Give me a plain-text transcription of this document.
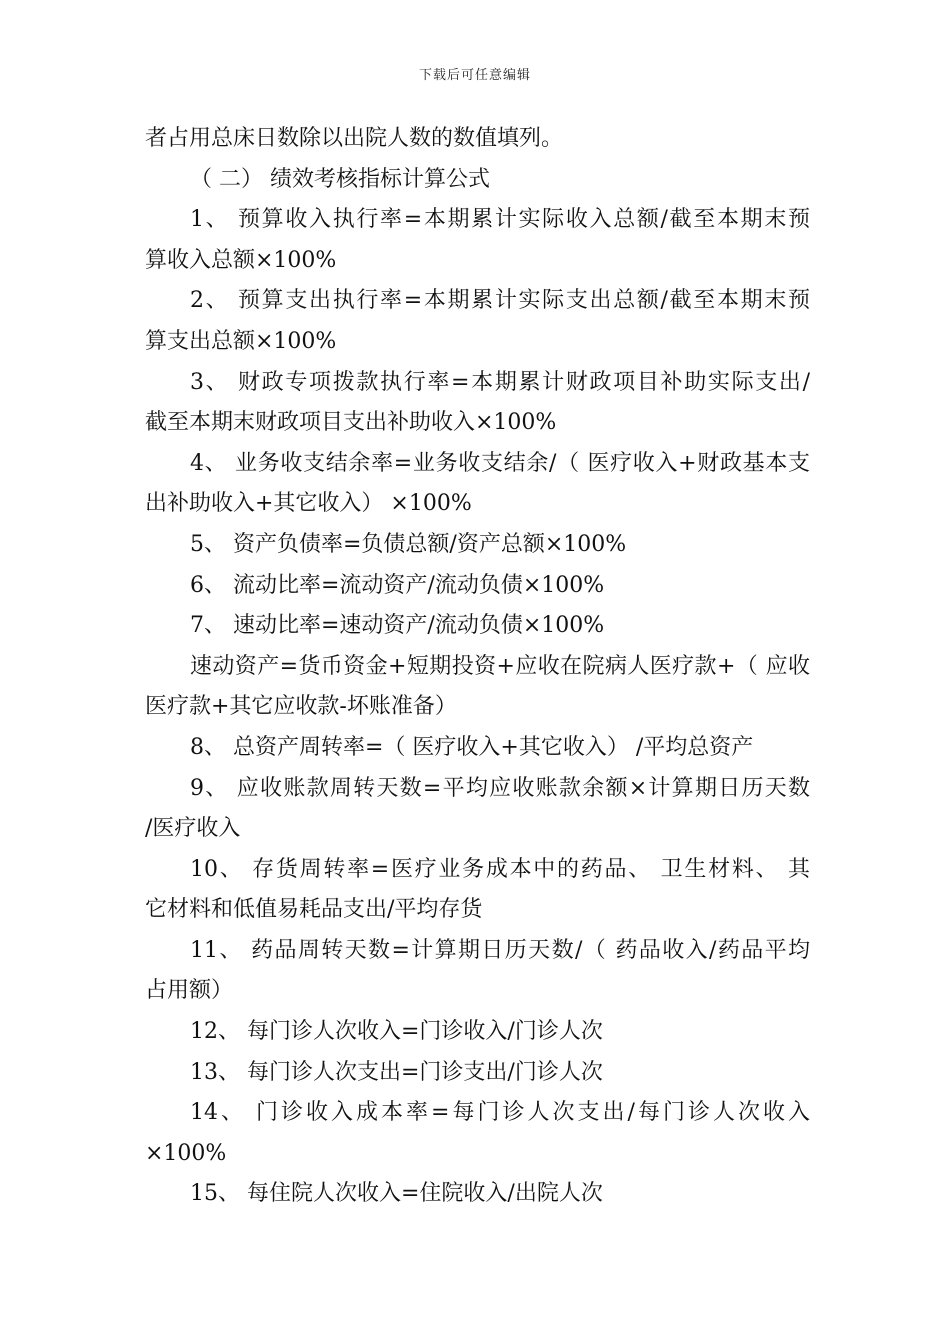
下载后可任意编辑
者占用总床日数除以出院人数的数值填列。
（ 二） 绩效考核指标计算公式
1、 预算收入执行率=本期累计实际收入总额/截至本期末预
算收入总额×100%
2、 预算支出执行率=本期累计实际支出总额/截至本期末预
算支出总额×100%
3、 财政专项拨款执行率=本期累计财政项目补助实际支出/
截至本期末财政项目支出补助收入×100%
4、 业务收支结余率=业务收支结余/（ 医疗收入+财政基本支
出补助收入+其它收入） ×100%
5、 资产负债率=负债总额/资产总额×100%
6、 流动比率=流动资产/流动负债×100%
7、 速动比率=速动资产/流动负债×100%
速动资产=货币资金+短期投资+应收在院病人医疗款+（ 应收
医疗款+其它应收款-坏账准备）
8、 总资产周转率=（ 医疗收入+其它收入） /平均总资产
9、 应收账款周转天数=平均应收账款余额×计算期日历天数
/医疗收入
10、 存货周转率=医疗业务成本中的药品、 卫生材料、 其
它材料和低值易耗品支出/平均存货
11、 药品周转天数=计算期日历天数/（ 药品收入/药品平均
占用额）
12、 每门诊人次收入=门诊收入/门诊人次
13、 每门诊人次支出=门诊支出/门诊人次
14、 门诊收入成本率=每门诊人次支出/每门诊人次收入
×100%
15、 每住院人次收入=住院收入/出院人次
